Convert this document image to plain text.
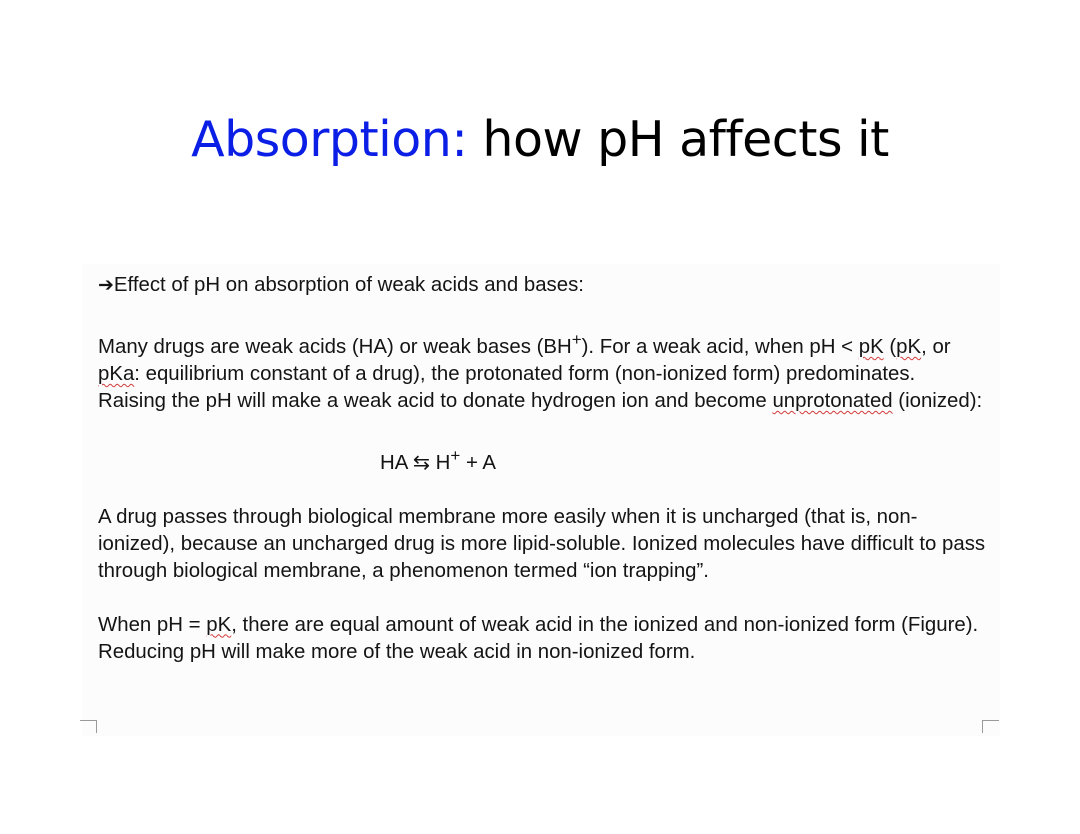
Absorption: how pH affects it

➔Effect of pH on absorption of weak acids and bases:

Many drugs are weak acids (HA) or weak bases (BH+). For a weak acid, when pH < pK (pK, or pKa: equilibrium constant of a drug), the protonated form (non-ionized form) predominates. Raising the pH will make a weak acid to donate hydrogen ion and become unprotonated (ionized):

HA ⇆ H+ + A

A drug passes through biological membrane more easily when it is uncharged (that is, non-ionized), because an uncharged drug is more lipid-soluble. Ionized molecules have difficult to pass through biological membrane, a phenomenon termed “ion trapping”.

When pH = pK, there are equal amount of weak acid in the ionized and non-ionized form (Figure). Reducing pH will make more of the weak acid in non-ionized form.
